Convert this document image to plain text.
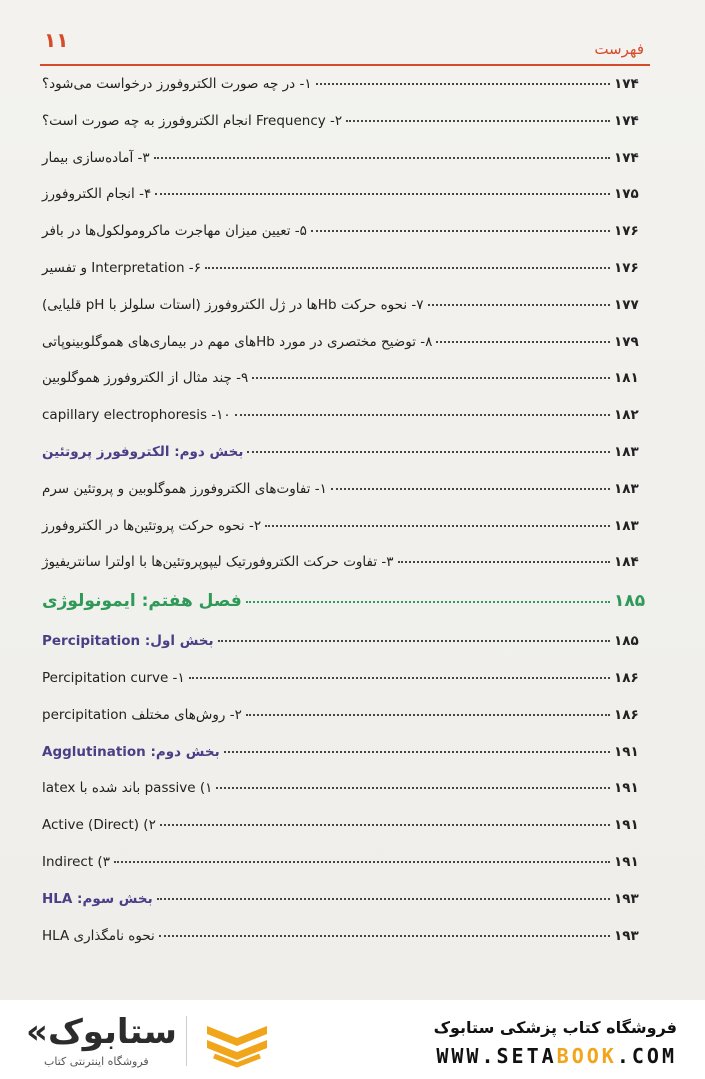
۱۱	فهرست
۱- در چه صورت الکتروفورز درخواست می‌شود؟	۱۷۴
۲- Frequency انجام الکتروفورز به چه صورت است؟	۱۷۴
۳- آماده‌سازی بیمار	۱۷۴
۴- انجام الکتروفورز	۱۷۵
۵- تعیین میزان مهاجرت ماکرومولکول‌ها در بافر	۱۷۶
۶- Interpretation و تفسیر	۱۷۶
۷- نحوه حرکت Hbها در ژل الکتروفورز (استات سلولز با pH قلیایی)	۱۷۷
۸- توضیح مختصری در مورد Hbهای مهم در بیماری‌های هموگلوبینوپاتی	۱۷۹
۹- چند مثال از الکتروفورز هموگلوبین	۱۸۱
۱۰- capillary electrophoresis	۱۸۲
بخش دوم: الکتروفورز پروتئین	۱۸۳
۱- تفاوت‌های الکتروفورز هموگلوبین و پروتئین سرم	۱۸۳
۲- نحوه حرکت پروتئین‌ها در الکتروفورز	۱۸۳
۳- تفاوت حرکت الکتروفورتیک لیپوپروتئین‌ها با اولترا سانتریفیوژ	۱۸۴
فصل هفتم: ایمونولوژی	۱۸۵
بخش اول: Percipitation	۱۸۵
۱- Percipitation curve	۱۸۶
۲- روش‌های مختلف percipitation	۱۸۶
بخش دوم: Agglutination	۱۹۱
۱) passive باند شده با latex	۱۹۱
۲) Active (Direct)	۱۹۱
۳) Indirect	۱۹۱
بخش سوم: HLA	۱۹۳
نحوه نامگذاری HLA	۱۹۳
«ستابوک
فروشگاه اینترنتی کتاب
فروشگاه کتاب پزشکی ستابوک
WWW.SETABOOK.COM
